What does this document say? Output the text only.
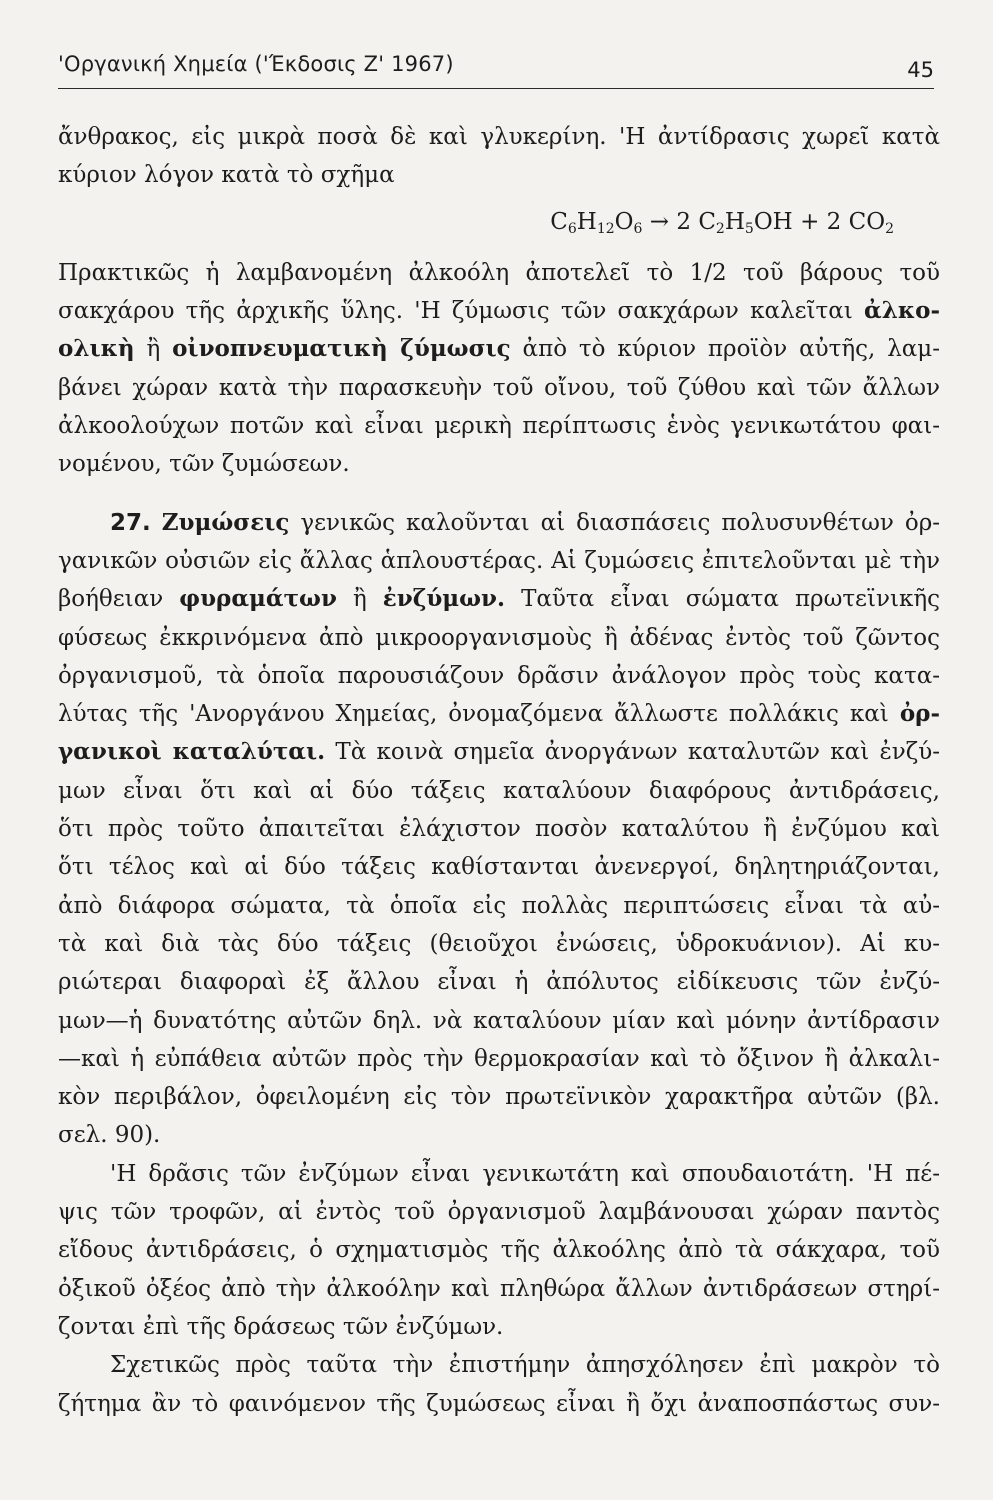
'Οργανική Χημεία ('Έκδοσις Ζ' 1967)	45

ἄνθρακος, εἰς μικρὰ ποσὰ δὲ καὶ γλυκερίνη. 'Η ἀντίδρασις χωρεῖ κατὰ
κύριον λόγον κατὰ τὸ σχῆμα

$C_6H_{12}O_6 \to 2$ $C_2H_5OH + 2$ $CO_2$

Πρακτικῶς ἡ λαμβανομένη ἀλκοόλη ἀποτελεῖ τὸ 1/2 τοῦ βάρους τοῦ
σακχάρου τῆς ἀρχικῆς ὕλης. 'Η ζύμωσις τῶν σακχάρων καλεῖται ἀλκο-
ολικὴ ἢ οἰνοπνευματικὴ ζύμωσις ἀπὸ τὸ κύριον προϊὸν αὐτῆς, λαμ-
βάνει χώραν κατὰ τὴν παρασκευὴν τοῦ οἴνου, τοῦ ζύθου καὶ τῶν ἄλλων
ἀλκοολούχων ποτῶν καὶ εἶναι μερικὴ περίπτωσις ἑνὸς γενικωτάτου φαι-
νομένου, τῶν ζυμώσεων.

27. Ζυμώσεις γενικῶς καλοῦνται αἱ διασπάσεις πολυσυνθέτων ὀρ-
γανικῶν οὐσιῶν εἰς ἄλλας ἁπλουστέρας. Αἱ ζυμώσεις ἐπιτελοῦνται μὲ τὴν
βοήθειαν φυραμάτων ἢ ἐνζύμων. Ταῦτα εἶναι σώματα πρωτεϊνικῆς
φύσεως ἐκκρινόμενα ἀπὸ μικροοργανισμοὺς ἢ ἀδένας ἐντὸς τοῦ ζῶντος
ὀργανισμοῦ, τὰ ὁποῖα παρουσιάζουν δρᾶσιν ἀνάλογον πρὸς τοὺς κατα-
λύτας τῆς 'Ανοργάνου Χημείας, ὀνομαζόμενα ἄλλωστε πολλάκις καὶ ὀρ-
γανικοὶ καταλύται. Τὰ κοινὰ σημεῖα ἀνοργάνων καταλυτῶν καὶ ἐνζύ-
μων εἶναι ὅτι καὶ αἱ δύο τάξεις καταλύουν διαφόρους ἀντιδράσεις,
ὅτι πρὸς τοῦτο ἀπαιτεῖται ἐλάχιστον ποσὸν καταλύτου ἢ ἐνζύμου καὶ
ὅτι τέλος καὶ αἱ δύο τάξεις καθίστανται ἀνενεργοί, δηλητηριάζονται,
ἀπὸ διάφορα σώματα, τὰ ὁποῖα εἰς πολλὰς περιπτώσεις εἶναι τὰ αὐ-
τὰ καὶ διὰ τὰς δύο τάξεις (θειοῦχοι ἐνώσεις, ὑδροκυάνιον). Αἱ κυ-
ριώτεραι διαφοραὶ ἐξ ἄλλου εἶναι ἡ ἀπόλυτος εἰδίκευσις τῶν ἐνζύ-
μων—ἡ δυνατότης αὐτῶν δηλ. νὰ καταλύουν μίαν καὶ μόνην ἀντίδρασιν
—καὶ ἡ εὐπάθεια αὐτῶν πρὸς τὴν θερμοκρασίαν καὶ τὸ ὄξινον ἢ ἀλκαλι-
κὸν περιβάλον, ὀφειλομένη εἰς τὸν πρωτεϊνικὸν χαρακτῆρα αὐτῶν (βλ.
σελ. 90).

'Η δρᾶσις τῶν ἐνζύμων εἶναι γενικωτάτη καὶ σπουδαιοτάτη. 'Η πέ-
ψις τῶν τροφῶν, αἱ ἐντὸς τοῦ ὀργανισμοῦ λαμβάνουσαι χώραν παντὸς
εἴδους ἀντιδράσεις, ὁ σχηματισμὸς τῆς ἀλκοόλης ἀπὸ τὰ σάκχαρα, τοῦ
ὀξικοῦ ὀξέος ἀπὸ τὴν ἀλκοόλην καὶ πληθώρα ἄλλων ἀντιδράσεων στηρί-
ζονται ἐπὶ τῆς δράσεως τῶν ἐνζύμων.

Σχετικῶς πρὸς ταῦτα τὴν ἐπιστήμην ἀπησχόλησεν ἐπὶ μακρὸν τὸ
ζήτημα ἂν τὸ φαινόμενον τῆς ζυμώσεως εἶναι ἢ ὄχι ἀναποσπάστως συν-
